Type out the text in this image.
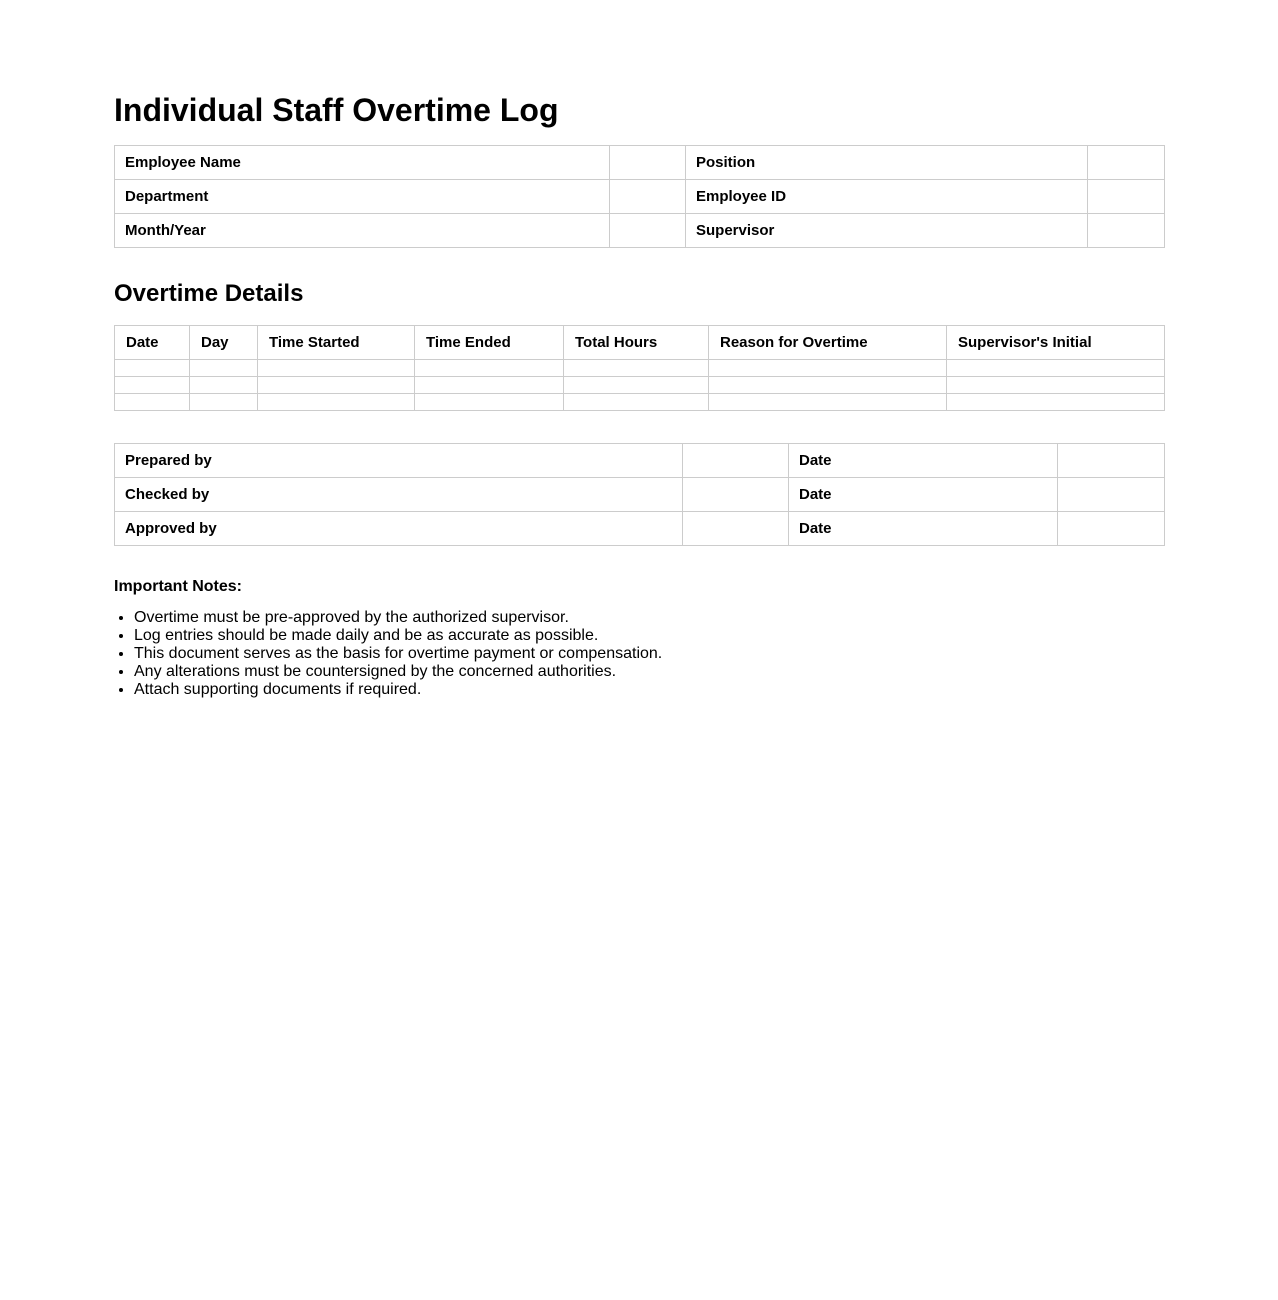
Individual Staff Overtime Log
Employee Name		Position	
Department		Employee ID	
Month/Year		Supervisor	
Overtime Details
Date	Day	Time Started	Time Ended	Total Hours	Reason for Overtime	Supervisor's Initial

Prepared by		Date	
Checked by		Date	
Approved by		Date	
Important Notes:
• Overtime must be pre-approved by the authorized supervisor.
• Log entries should be made daily and be as accurate as possible.
• This document serves as the basis for overtime payment or compensation.
• Any alterations must be countersigned by the concerned authorities.
• Attach supporting documents if required.
